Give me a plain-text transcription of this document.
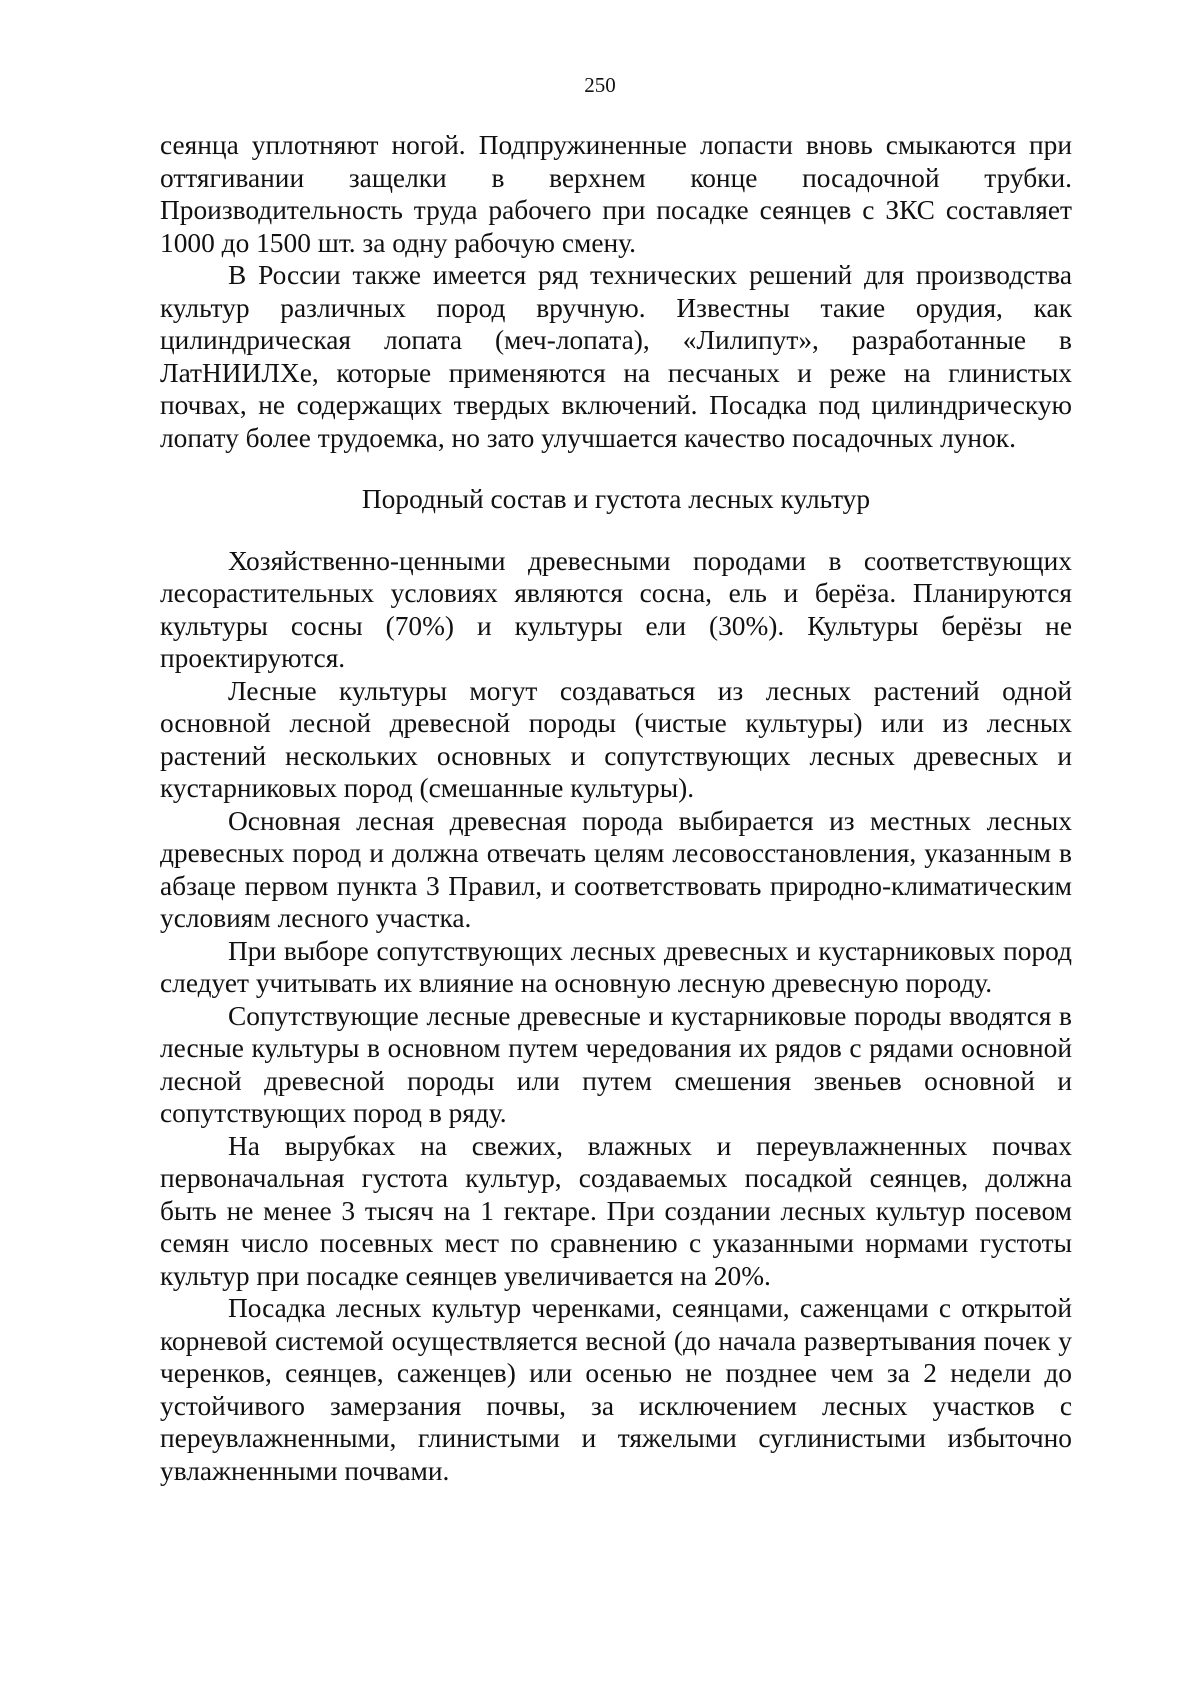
250

сеянца уплотняют ногой. Подпружиненные лопасти вновь смыкаются при оттягивании защелки в верхнем конце посадочной трубки. Производительность труда рабочего при посадке сеянцев с ЗКС составляет 1000 до 1500 шт. за одну рабочую смену.

В России также имеется ряд технических решений для производства культур различных пород вручную. Известны такие орудия, как цилиндрическая лопата (меч-лопата), «Лилипут», разработанные в ЛатНИИЛХе, которые применяются на песчаных и реже на глинистых почвах, не содержащих твердых включений. Посадка под цилиндрическую лопату более трудоемка, но зато улучшается качество посадочных лунок.

Породный состав и густота лесных культур

Хозяйственно-ценными древесными породами в соответствующих лесорастительных условиях являются сосна, ель и берёза. Планируются культуры сосны (70%) и культуры ели (30%). Культуры берёзы не проектируются.

Лесные культуры могут создаваться из лесных растений одной основной лесной древесной породы (чистые культуры) или из лесных растений нескольких основных и сопутствующих лесных древесных и кустарниковых пород (смешанные культуры).

Основная лесная древесная порода выбирается из местных лесных древесных пород и должна отвечать целям лесовосстановления, указанным в абзаце первом пункта 3 Правил, и соответствовать природно-климатическим условиям лесного участка.

При выборе сопутствующих лесных древесных и кустарниковых пород следует учитывать их влияние на основную лесную древесную породу.

Сопутствующие лесные древесные и кустарниковые породы вводятся в лесные культуры в основном путем чередования их рядов с рядами основной лесной древесной породы или путем смешения звеньев основной и сопутствующих пород в ряду.

На вырубках на свежих, влажных и переувлажненных почвах первоначальная густота культур, создаваемых посадкой сеянцев, должна быть не менее 3 тысяч на 1 гектаре. При создании лесных культур посевом семян число посевных мест по сравнению с указанными нормами густоты культур при посадке сеянцев увеличивается на 20%.

Посадка лесных культур черенками, сеянцами, саженцами с открытой корневой системой осуществляется весной (до начала развертывания почек у черенков, сеянцев, саженцев) или осенью не позднее чем за 2 недели до устойчивого замерзания почвы, за исключением лесных участков с переувлажненными, глинистыми и тяжелыми суглинистыми избыточно увлажненными почвами.
